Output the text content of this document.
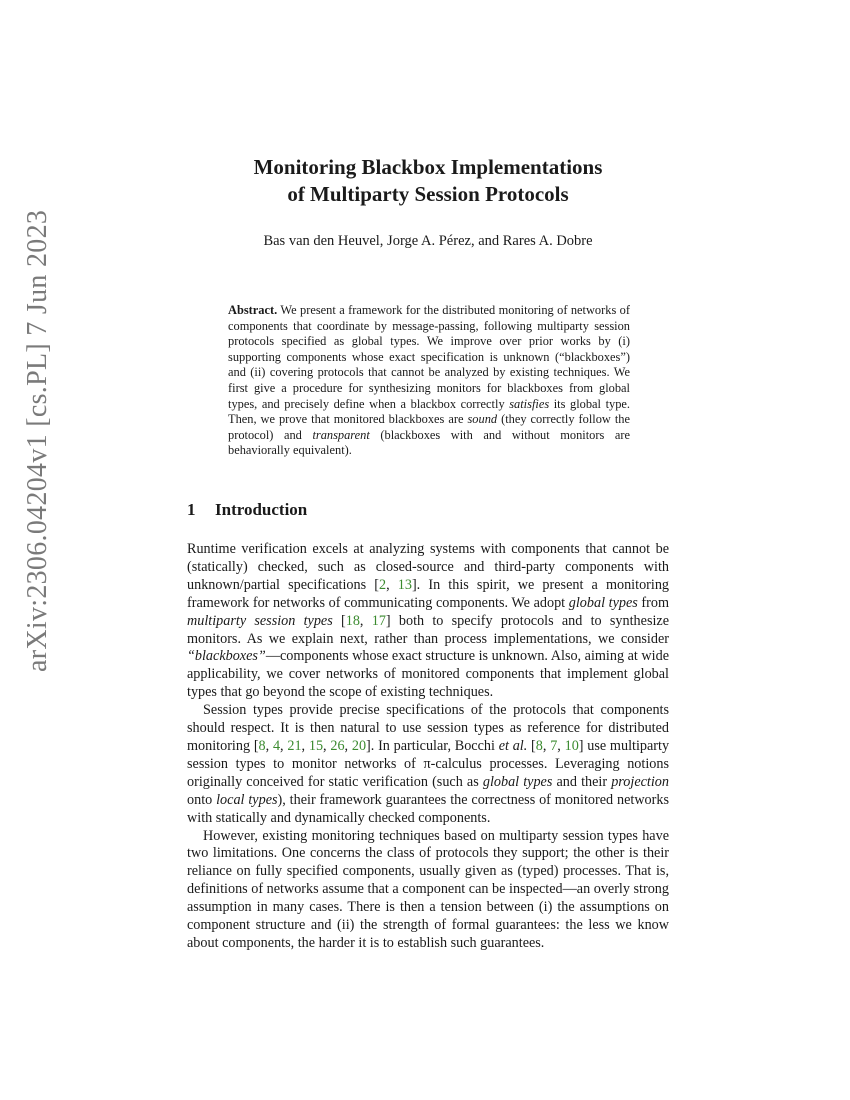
arXiv:2306.04204v1 [cs.PL] 7 Jun 2023
Monitoring Blackbox Implementations
of Multiparty Session Protocols
Bas van den Heuvel, Jorge A. Pérez, and Rares A. Dobre
Abstract. We present a framework for the distributed monitoring of networks of components that coordinate by message-passing, following multiparty session protocols specified as global types. We improve over prior works by (i) supporting components whose exact specification is unknown (“blackboxes”) and (ii) covering protocols that cannot be analyzed by existing techniques. We first give a procedure for synthesizing monitors for blackboxes from global types, and precisely define when a blackbox correctly satisfies its global type. Then, we prove that monitored blackboxes are sound (they correctly follow the protocol) and transparent (blackboxes with and without monitors are behaviorally equivalent).
1 Introduction

Runtime verification excels at analyzing systems with components that cannot be (statically) checked, such as closed-source and third-party components with unknown/partial specifications [2, 13]. In this spirit, we present a monitoring framework for networks of communicating components. We adopt global types from multiparty session types [18, 17] both to specify protocols and to synthesize monitors. As we explain next, rather than process implementations, we consider “blackboxes”—components whose exact structure is unknown. Also, aiming at wide applicability, we cover networks of monitored components that implement global types that go beyond the scope of existing techniques.

Session types provide precise specifications of the protocols that components should respect. It is then natural to use session types as reference for distributed monitoring [8, 4, 21, 15, 26, 20]. In particular, Bocchi et al. [8, 7, 10] use multiparty session types to monitor networks of π-calculus processes. Leveraging notions originally conceived for static verification (such as global types and their projection onto local types), their framework guarantees the correctness of monitored networks with statically and dynamically checked components.

However, existing monitoring techniques based on multiparty session types have two limitations. One concerns the class of protocols they support; the other is their reliance on fully specified components, usually given as (typed) processes. That is, definitions of networks assume that a component can be inspected—an overly strong assumption in many cases. There is then a tension between (i) the assumptions on component structure and (ii) the strength of formal guarantees: the less we know about components, the harder it is to establish such guarantees.
